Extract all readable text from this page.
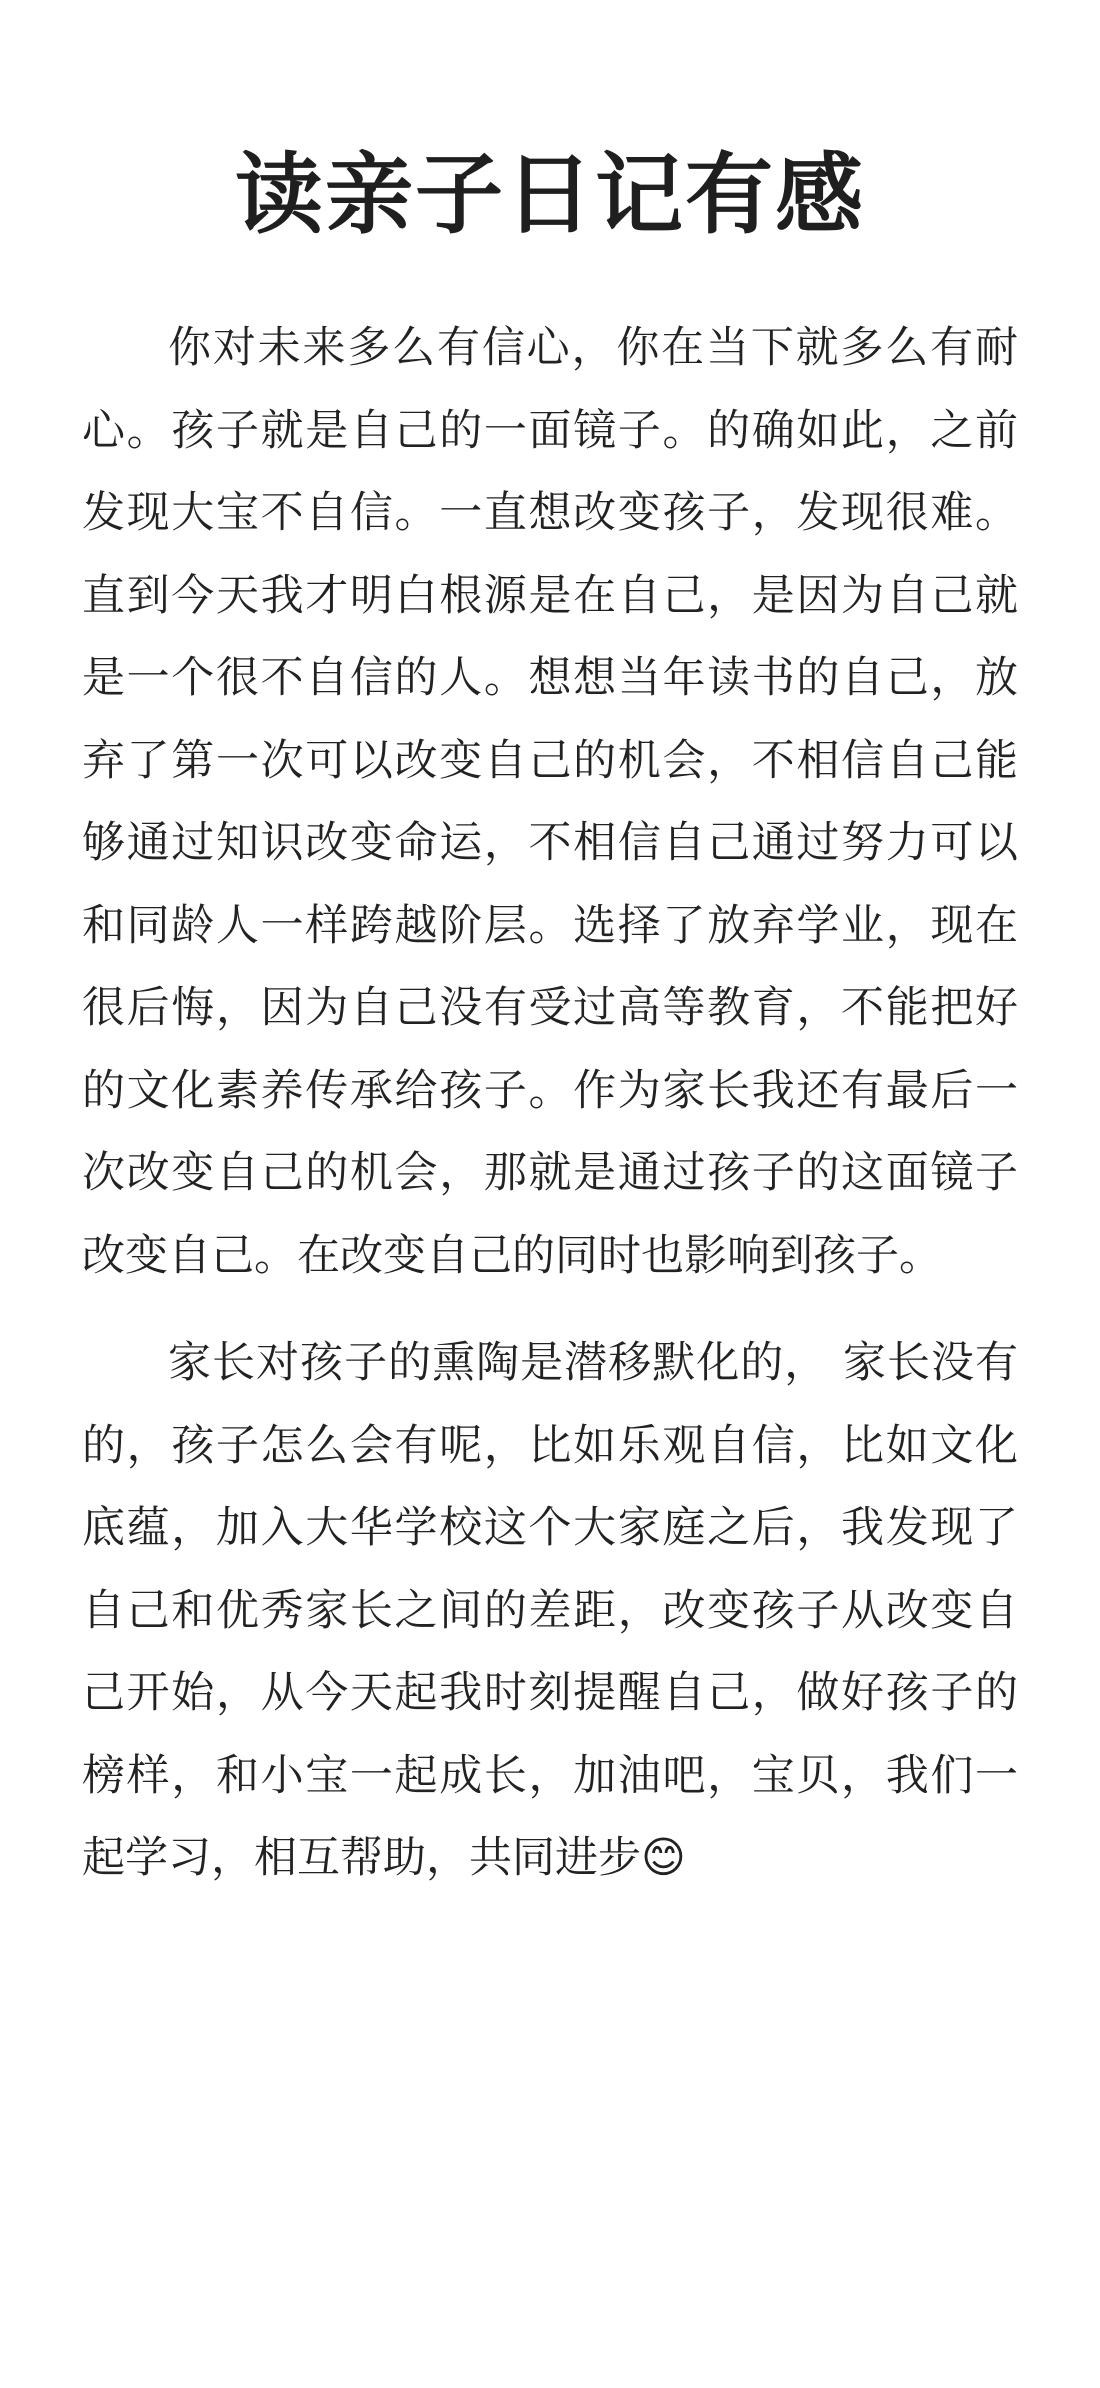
读亲子日记有感

你对未来多么有信心，你在当下就多么有耐心。孩子就是自己的一面镜子。的确如此，之前发现大宝不自信。一直想改变孩子，发现很难。直到今天我才明白根源是在自己，是因为自己就是一个很不自信的人。想想当年读书的自己，放弃了第一次可以改变自己的机会，不相信自己能够通过知识改变命运，不相信自己通过努力可以和同龄人一样跨越阶层。选择了放弃学业，现在很后悔，因为自己没有受过高等教育，不能把好的文化素养传承给孩子。作为家长我还有最后一次改变自己的机会，那就是通过孩子的这面镜子改变自己。在改变自己的同时也影响到孩子。

家长对孩子的熏陶是潜移默化的， 家长没有的，孩子怎么会有呢，比如乐观自信，比如文化底蕴，加入大华学校这个大家庭之后，我发现了自己和优秀家长之间的差距，改变孩子从改变自己开始，从今天起我时刻提醒自己，做好孩子的榜样，和小宝一起成长，加油吧，宝贝，我们一起学习，相互帮助，共同进步😊
